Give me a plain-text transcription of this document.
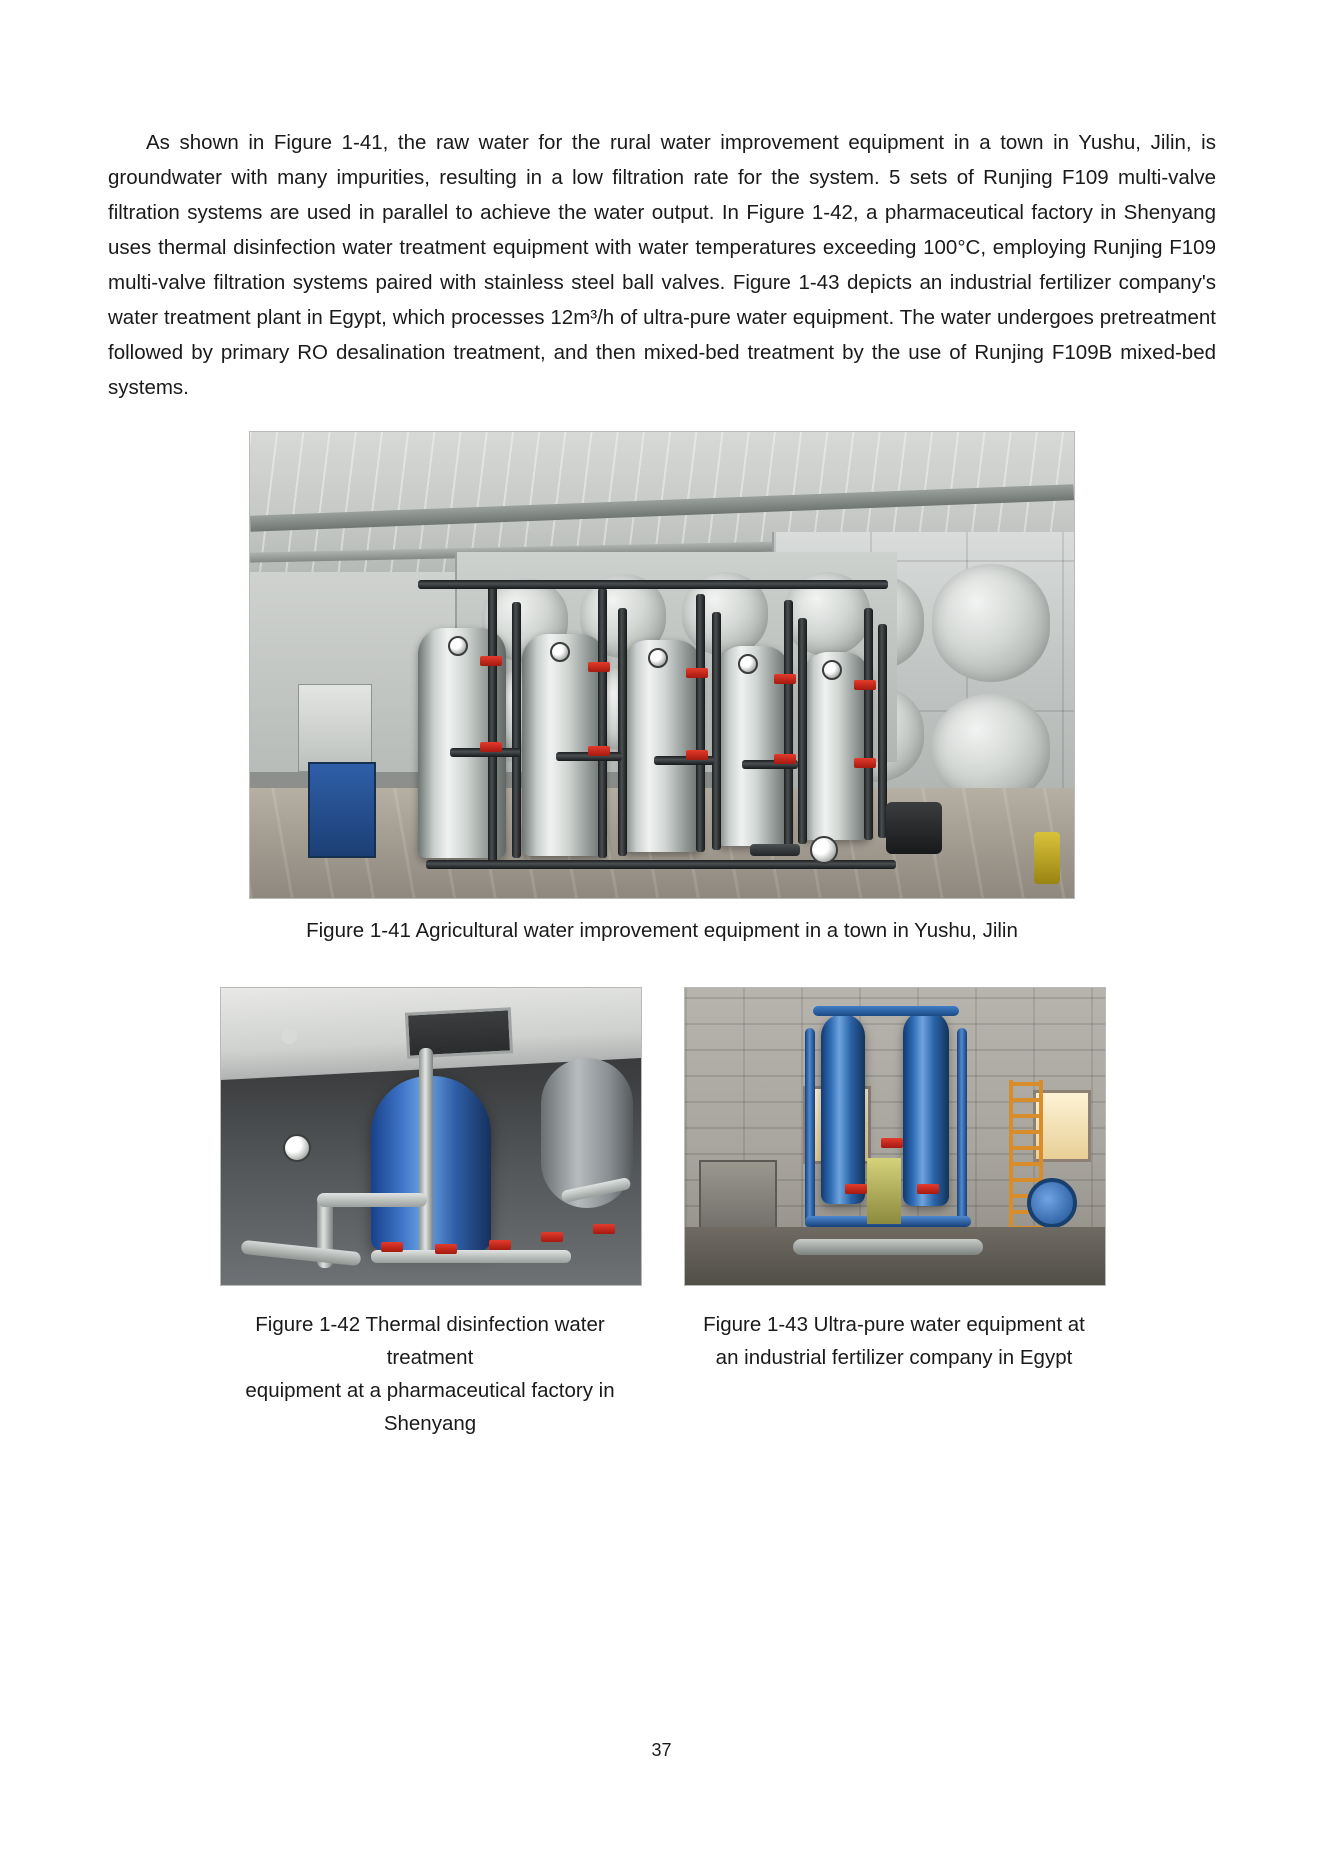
As shown in Figure 1-41, the raw water for the rural water improvement equipment in a town in Yushu, Jilin, is groundwater with many impurities, resulting in a low filtration rate for the system. 5 sets of Runjing F109 multi-valve filtration systems are used in parallel to achieve the water output. In Figure 1-42, a pharmaceutical factory in Shenyang uses thermal disinfection water treatment equipment with water temperatures exceeding 100°C, employing Runjing F109 multi-valve filtration systems paired with stainless steel ball valves. Figure 1-43 depicts an industrial fertilizer company's water treatment plant in Egypt, which processes 12m³/h of ultra-pure water equipment. The water undergoes pretreatment followed by primary RO desalination treatment, and then mixed-bed treatment by the use of Runjing F109B mixed-bed systems.

Figure 1-41 Agricultural water improvement equipment in a town in Yushu, Jilin
Figure 1-42 Thermal disinfection water treatment
equipment at a pharmaceutical factory in Shenyang
Figure 1-43 Ultra-pure water equipment at
an industrial fertilizer company in Egypt
37
